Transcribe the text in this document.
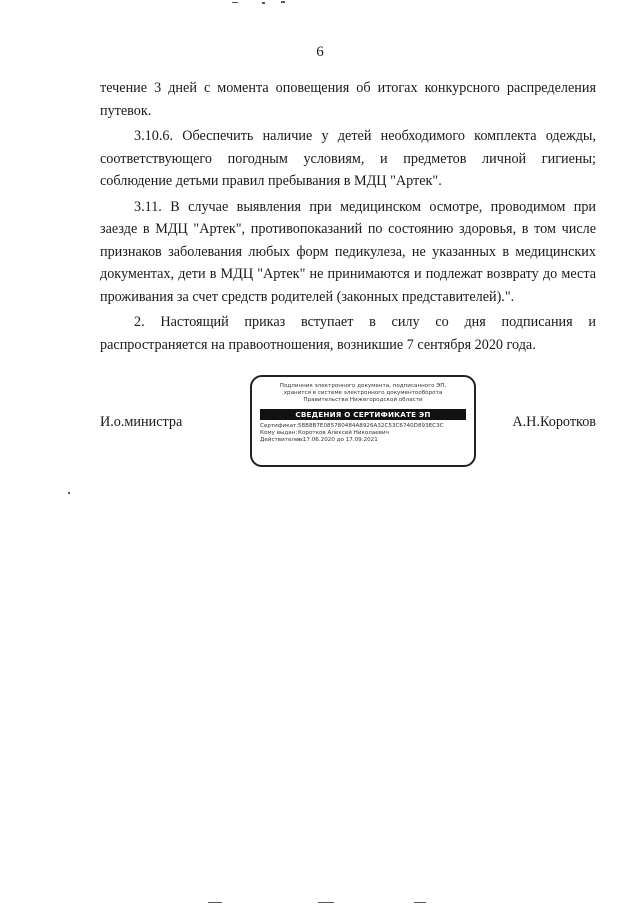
6

течение 3 дней с момента оповещения об итогах конкурсного распределения путевок.

3.10.6. Обеспечить наличие у детей необходимого комплекта одежды, соответствующего погодным условиям, и предметов личной гигиены; соблюдение детьми правил пребывания в МДЦ "Артек".

3.11. В случае выявления при медицинском осмотре, проводимом при заезде в МДЦ "Артек", противопоказаний по состоянию здоровья, в том числе признаков заболевания любых форм педикулеза, не указанных в медицинских документах, дети в МДЦ "Артек" не принимаются и подлежат возврату до места проживания за счет средств родителей (законных представителей).".

2. Настоящий приказ вступает в силу со дня подписания и распространяется на правоотношения, возникшие 7 сентября 2020 года.

И.о.министра
Подлинник электронного документа, подписанного ЭП,
хранится в системе электронного документооборота
Правительства Нижегородской области
СВЕДЕНИЯ О СЕРТИФИКАТЕ ЭП
Сертификат:58B8B7E085780484A8926A32C53C6740D893EC3C
Кому выдан:Коротков Алексей Николаевич
Действителен:с 17.06.2020 до 17.09.2021
А.Н.Коротков
